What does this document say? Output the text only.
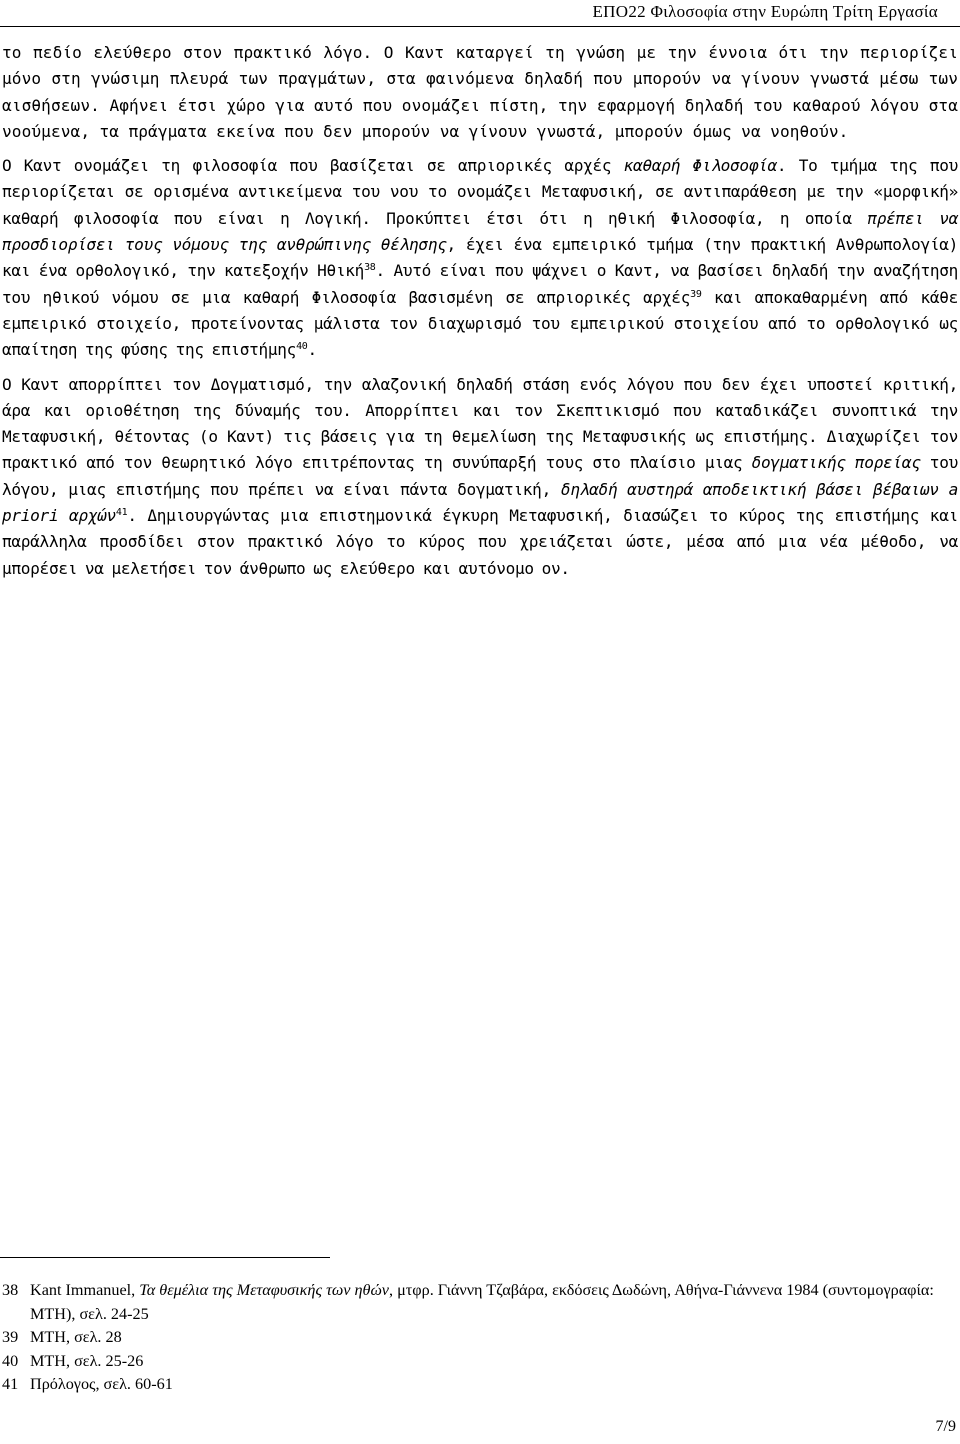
ΕΠΟ22 Φιλοσοφία στην Ευρώπη Τρίτη Εργασία

το πεδίο ελεύθερο στον πρακτικό λόγο. Ο Καντ καταργεί τη γνώση με την έννοια ότι την περιορίζει μόνο στη γνώσιμη πλευρά των πραγμάτων, στα φαινόμενα δηλαδή που μπορούν να γίνουν γνωστά μέσω των αισθήσεων. Αφήνει έτσι χώρο για αυτό που ονομάζει πίστη, την εφαρμογή δηλαδή του καθαρού λόγου στα νοούμενα, τα πράγματα εκείνα που δεν μπορούν να γίνουν γνωστά, μπορούν όμως να νοηθούν.

Ο Καντ ονομάζει τη φιλοσοφία που βασίζεται σε απριορικές αρχές καθαρή Φιλοσοφία. Το τμήμα της που περιορίζεται σε ορισμένα αντικείμενα του νου το ονομάζει Μεταφυσική, σε αντιπαράθεση με την «μορφική» καθαρή φιλοσοφία που είναι η Λογική. Προκύπτει έτσι ότι η ηθική Φιλοσοφία, η οποία πρέπει να προσδιορίσει τους νόμους της ανθρώπινης θέλησης, έχει ένα εμπειρικό τμήμα (την πρακτική Ανθρωπολογία) και ένα ορθολογικό, την κατεξοχήν Ηθική$^{38}$. Αυτό είναι που ψάχνει ο Καντ, να βασίσει δηλαδή την αναζήτηση του ηθικού νόμου σε μια καθαρή Φιλοσοφία βασισμένη σε απριορικές αρχές$^{39}$ και αποκαθαρμένη από κάθε εμπειρικό στοιχείο, προτείνοντας μάλιστα τον διαχωρισμό του εμπειρικού στοιχείου από το ορθολογικό ως απαίτηση της φύσης της επιστήμης$^{40}$.

Ο Καντ απορρίπτει τον Δογματισμό, την αλαζονική δηλαδή στάση ενός λόγου που δεν έχει υποστεί κριτική, άρα και οριοθέτηση της δύναμής του. Απορρίπτει και τον Σκεπτικισμό που καταδικάζει συνοπτικά την Μεταφυσική, θέτοντας (ο Καντ) τις βάσεις για τη θεμελίωση της Μεταφυσικής ως επιστήμης. Διαχωρίζει τον πρακτικό από τον θεωρητικό λόγο επιτρέποντας τη συνύπαρξή τους στο πλαίσιο μιας δογματικής πορείας του λόγου, μιας επιστήμης που πρέπει να είναι πάντα δογματική, δηλαδή αυστηρά αποδεικτική βάσει βέβαιων a priori αρχών$^{41}$. Δημιουργώντας μια επιστημονικά έγκυρη Μεταφυσική, διασώζει το κύρος της επιστήμης και παράλληλα προσδίδει στον πρακτικό λόγο το κύρος που χρειάζεται ώστε, μέσα από μια νέα μέθοδο, να μπορέσει να μελετήσει τον άνθρωπο ως ελεύθερο και αυτόνομο ον.

38 Kant Immanuel, Τα θεμέλια της Μεταφυσικής των ηθών, μτφρ. Γιάννη Τζαβάρα, εκδόσεις Δωδώνη, Αθήνα-Γιάννενα 1984 (συντομογραφία: ΜΤΗ), σελ. 24-25

39 ΜΤΗ, σελ. 28

40 ΜΤΗ, σελ. 25-26

41 Πρόλογος, σελ. 60-61

7/9
